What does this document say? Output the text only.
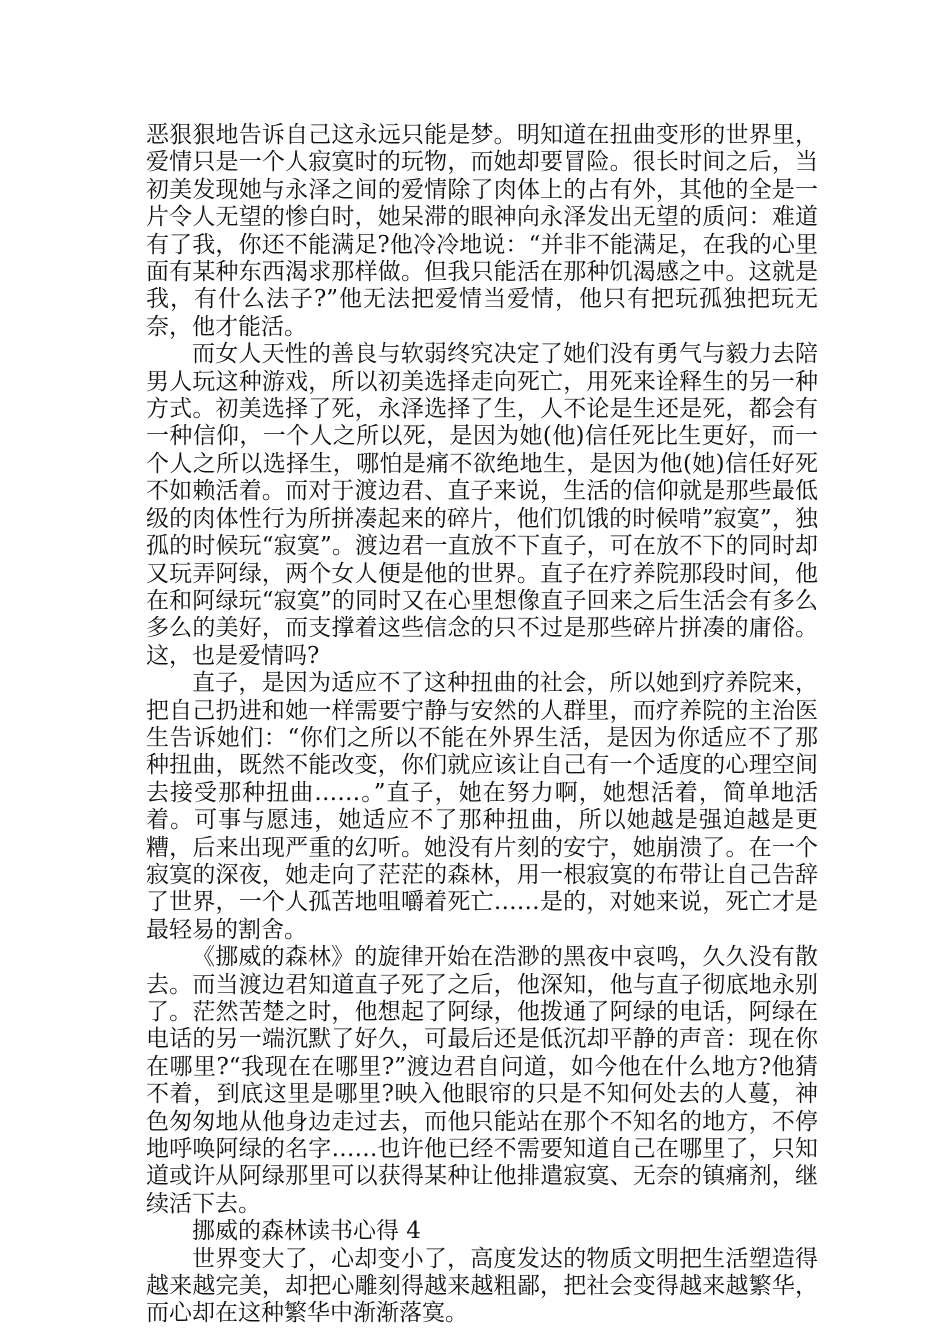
恶狠狠地告诉自己这永远只能是梦。明知道在扭曲变形的世界里，爱情只是一个人寂寞时的玩物，而她却要冒险。很长时间之后，当初美发现她与永泽之间的爱情除了肉体上的占有外，其他的全是一片令人无望的惨白时，她呆滞的眼神向永泽发出无望的质问：难道有了我，你还不能满足?他冷冷地说：“并非不能满足，在我的心里面有某种东西渴求那样做。但我只能活在那种饥渴感之中。这就是我，有什么法子?”他无法把爱情当爱情，他只有把玩孤独把玩无奈，他才能活。

而女人天性的善良与软弱终究决定了她们没有勇气与毅力去陪男人玩这种游戏，所以初美选择走向死亡，用死来诠释生的另一种方式。初美选择了死，永泽选择了生，人不论是生还是死，都会有一种信仰，一个人之所以死，是因为她(他)信任死比生更好，而一个人之所以选择生，哪怕是痛不欲绝地生，是因为他(她)信任好死不如赖活着。而对于渡边君、直子来说，生活的信仰就是那些最低级的肉体性行为所拼凑起来的碎片，他们饥饿的时候啃”寂寞”，独孤的时候玩“寂寞”。渡边君一直放不下直子，可在放不下的同时却又玩弄阿绿，两个女人便是他的世界。直子在疗养院那段时间，他在和阿绿玩“寂寞”的同时又在心里想像直子回来之后生活会有多么多么的美好，而支撑着这些信念的只不过是那些碎片拼凑的庸俗。这，也是爱情吗?

直子，是因为适应不了这种扭曲的社会，所以她到疗养院来，把自己扔进和她一样需要宁静与安然的人群里，而疗养院的主治医生告诉她们：“你们之所以不能在外界生活，是因为你适应不了那种扭曲，既然不能改变，你们就应该让自己有一个适度的心理空间去接受那种扭曲……。”直子，她在努力啊，她想活着，简单地活着。可事与愿违，她适应不了那种扭曲，所以她越是强迫越是更糟，后来出现严重的幻听。她没有片刻的安宁，她崩溃了。在一个寂寞的深夜，她走向了茫茫的森林，用一根寂寞的布带让自己告辞了世界，一个人孤苦地咀嚼着死亡……是的，对她来说，死亡才是最轻易的割舍。

《挪威的森林》的旋律开始在浩渺的黑夜中哀鸣，久久没有散去。而当渡边君知道直子死了之后，他深知，他与直子彻底地永别了。茫然苦楚之时，他想起了阿绿，他拨通了阿绿的电话，阿绿在电话的另一端沉默了好久，可最后还是低沉却平静的声音：现在你在哪里?“我现在在哪里?”渡边君自问道，如今他在什么地方?他猜不着，到底这里是哪里?映入他眼帘的只是不知何处去的人蔓，神色匆匆地从他身边走过去，而他只能站在那个不知名的地方，不停地呼唤阿绿的名字……也许他已经不需要知道自己在哪里了，只知道或许从阿绿那里可以获得某种让他排遣寂寞、无奈的镇痛剂，继续活下去。

挪威的森林读书心得 4

世界变大了，心却变小了，高度发达的物质文明把生活塑造得越来越完美，却把心雕刻得越来越粗鄙，把社会变得越来越繁华，而心却在这种繁华中渐渐落寞。
